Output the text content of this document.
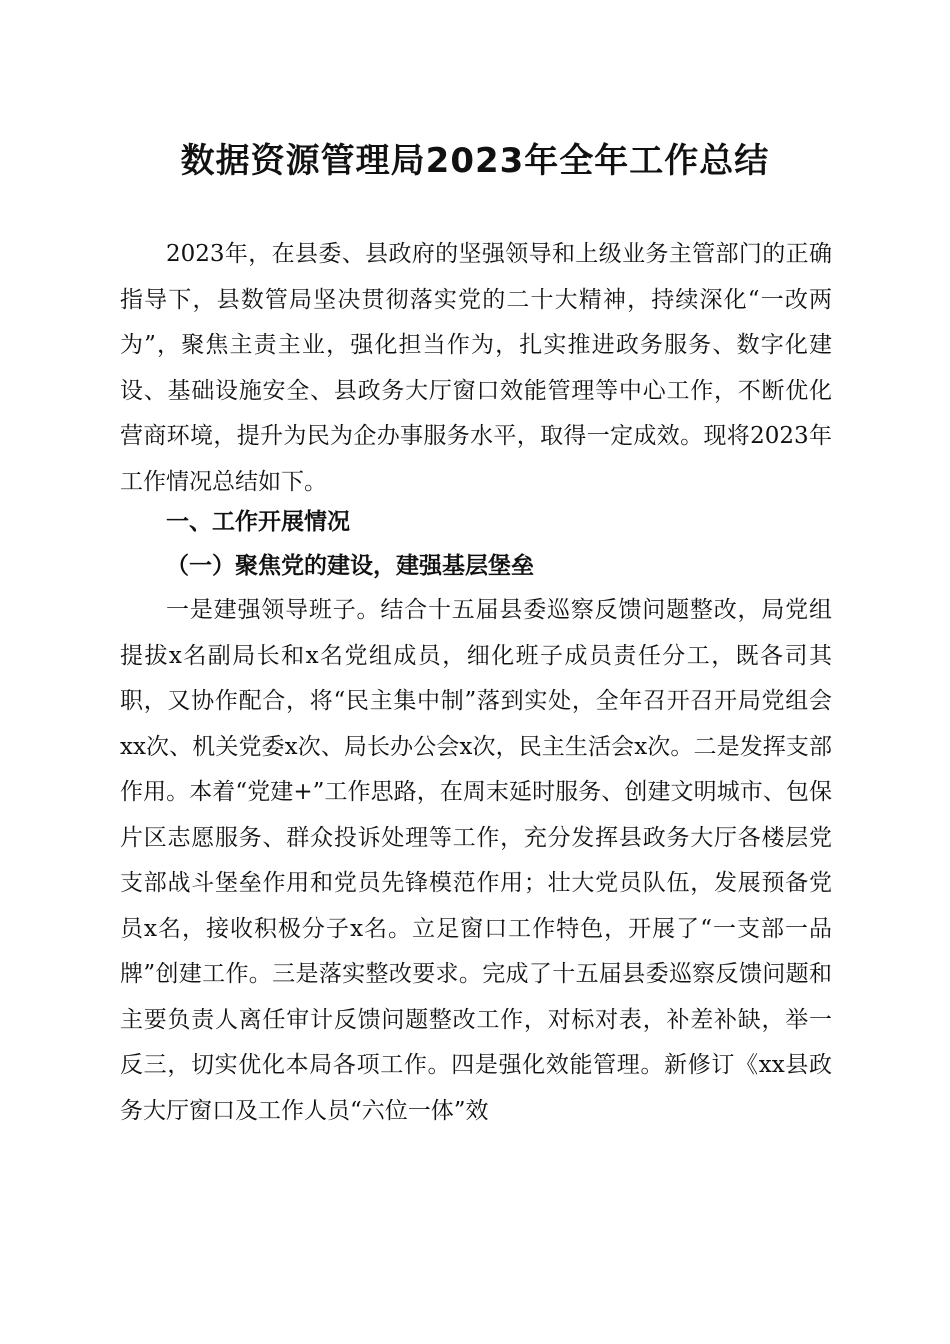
数据资源管理局2023年全年工作总结

2023年，在县委、县政府的坚强领导和上级业务主管部门的正确指导下，县数管局坚决贯彻落实党的二十大精神，持续深化“一改两为”，聚焦主责主业，强化担当作为，扎实推进政务服务、数字化建设、基础设施安全、县政务大厅窗口效能管理等中心工作，不断优化营商环境，提升为民为企办事服务水平，取得一定成效。现将2023年工作情况总结如下。

一、工作开展情况
（一）聚焦党的建设，建强基层堡垒

一是建强领导班子。结合十五届县委巡察反馈问题整改，局党组提拔x名副局长和x名党组成员，细化班子成员责任分工，既各司其职，又协作配合，将“民主集中制”落到实处，全年召开召开局党组会xx次、机关党委x次、局长办公会x次，民主生活会x次。二是发挥支部作用。本着“党建+”工作思路，在周末延时服务、创建文明城市、包保片区志愿服务、群众投诉处理等工作，充分发挥县政务大厅各楼层党支部战斗堡垒作用和党员先锋模范作用；壮大党员队伍，发展预备党员x名，接收积极分子x名。立足窗口工作特色，开展了“一支部一品牌”创建工作。三是落实整改要求。完成了十五届县委巡察反馈问题和主要负责人离任审计反馈问题整改工作，对标对表，补差补缺，举一反三，切实优化本局各项工作。四是强化效能管理。新修订《xx县政务大厅窗口及工作人员“六位一体”效
